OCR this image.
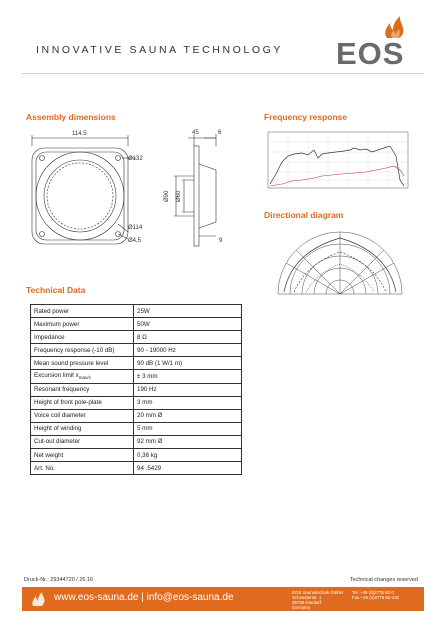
INNOVATIVE SAUNA TECHNOLOGY EOS
Assembly dimensions	Frequency response
Directional diagram
Technical Data
114.5	45	6
Ø132
Ø90 Ø60
Ø114
Ø4,5	9
Rated power	25W
Maximum power	50W
Impedance	8 Ω
Frequency response (-10 dB)	90 - 19000 Hz
Mean sound pressure level	90 dB (1 W/1 m)
Excursion limit $x_{max/s}$	± 3 mm
Resonant frequency	190 Hz
Height of front pole-plate	3 mm
Voice coil diameter	20 mm Ø
Height of winding	5 mm
Cut-out diameter	92 mm Ø
Net weight	0,36 kg
Art. No.	94 .5429
Druck-Nr.: 29344720 / 26.16	Technical changes reserved
www.eos-sauna.de | info@eos-sauna.de	EOS Saunatechnik GmbH
Schneiderstr. 1
35759 Driedorf
Germany
Tel. +49 (0)2775 82-0
Fax +49 (0)2775 82-431
